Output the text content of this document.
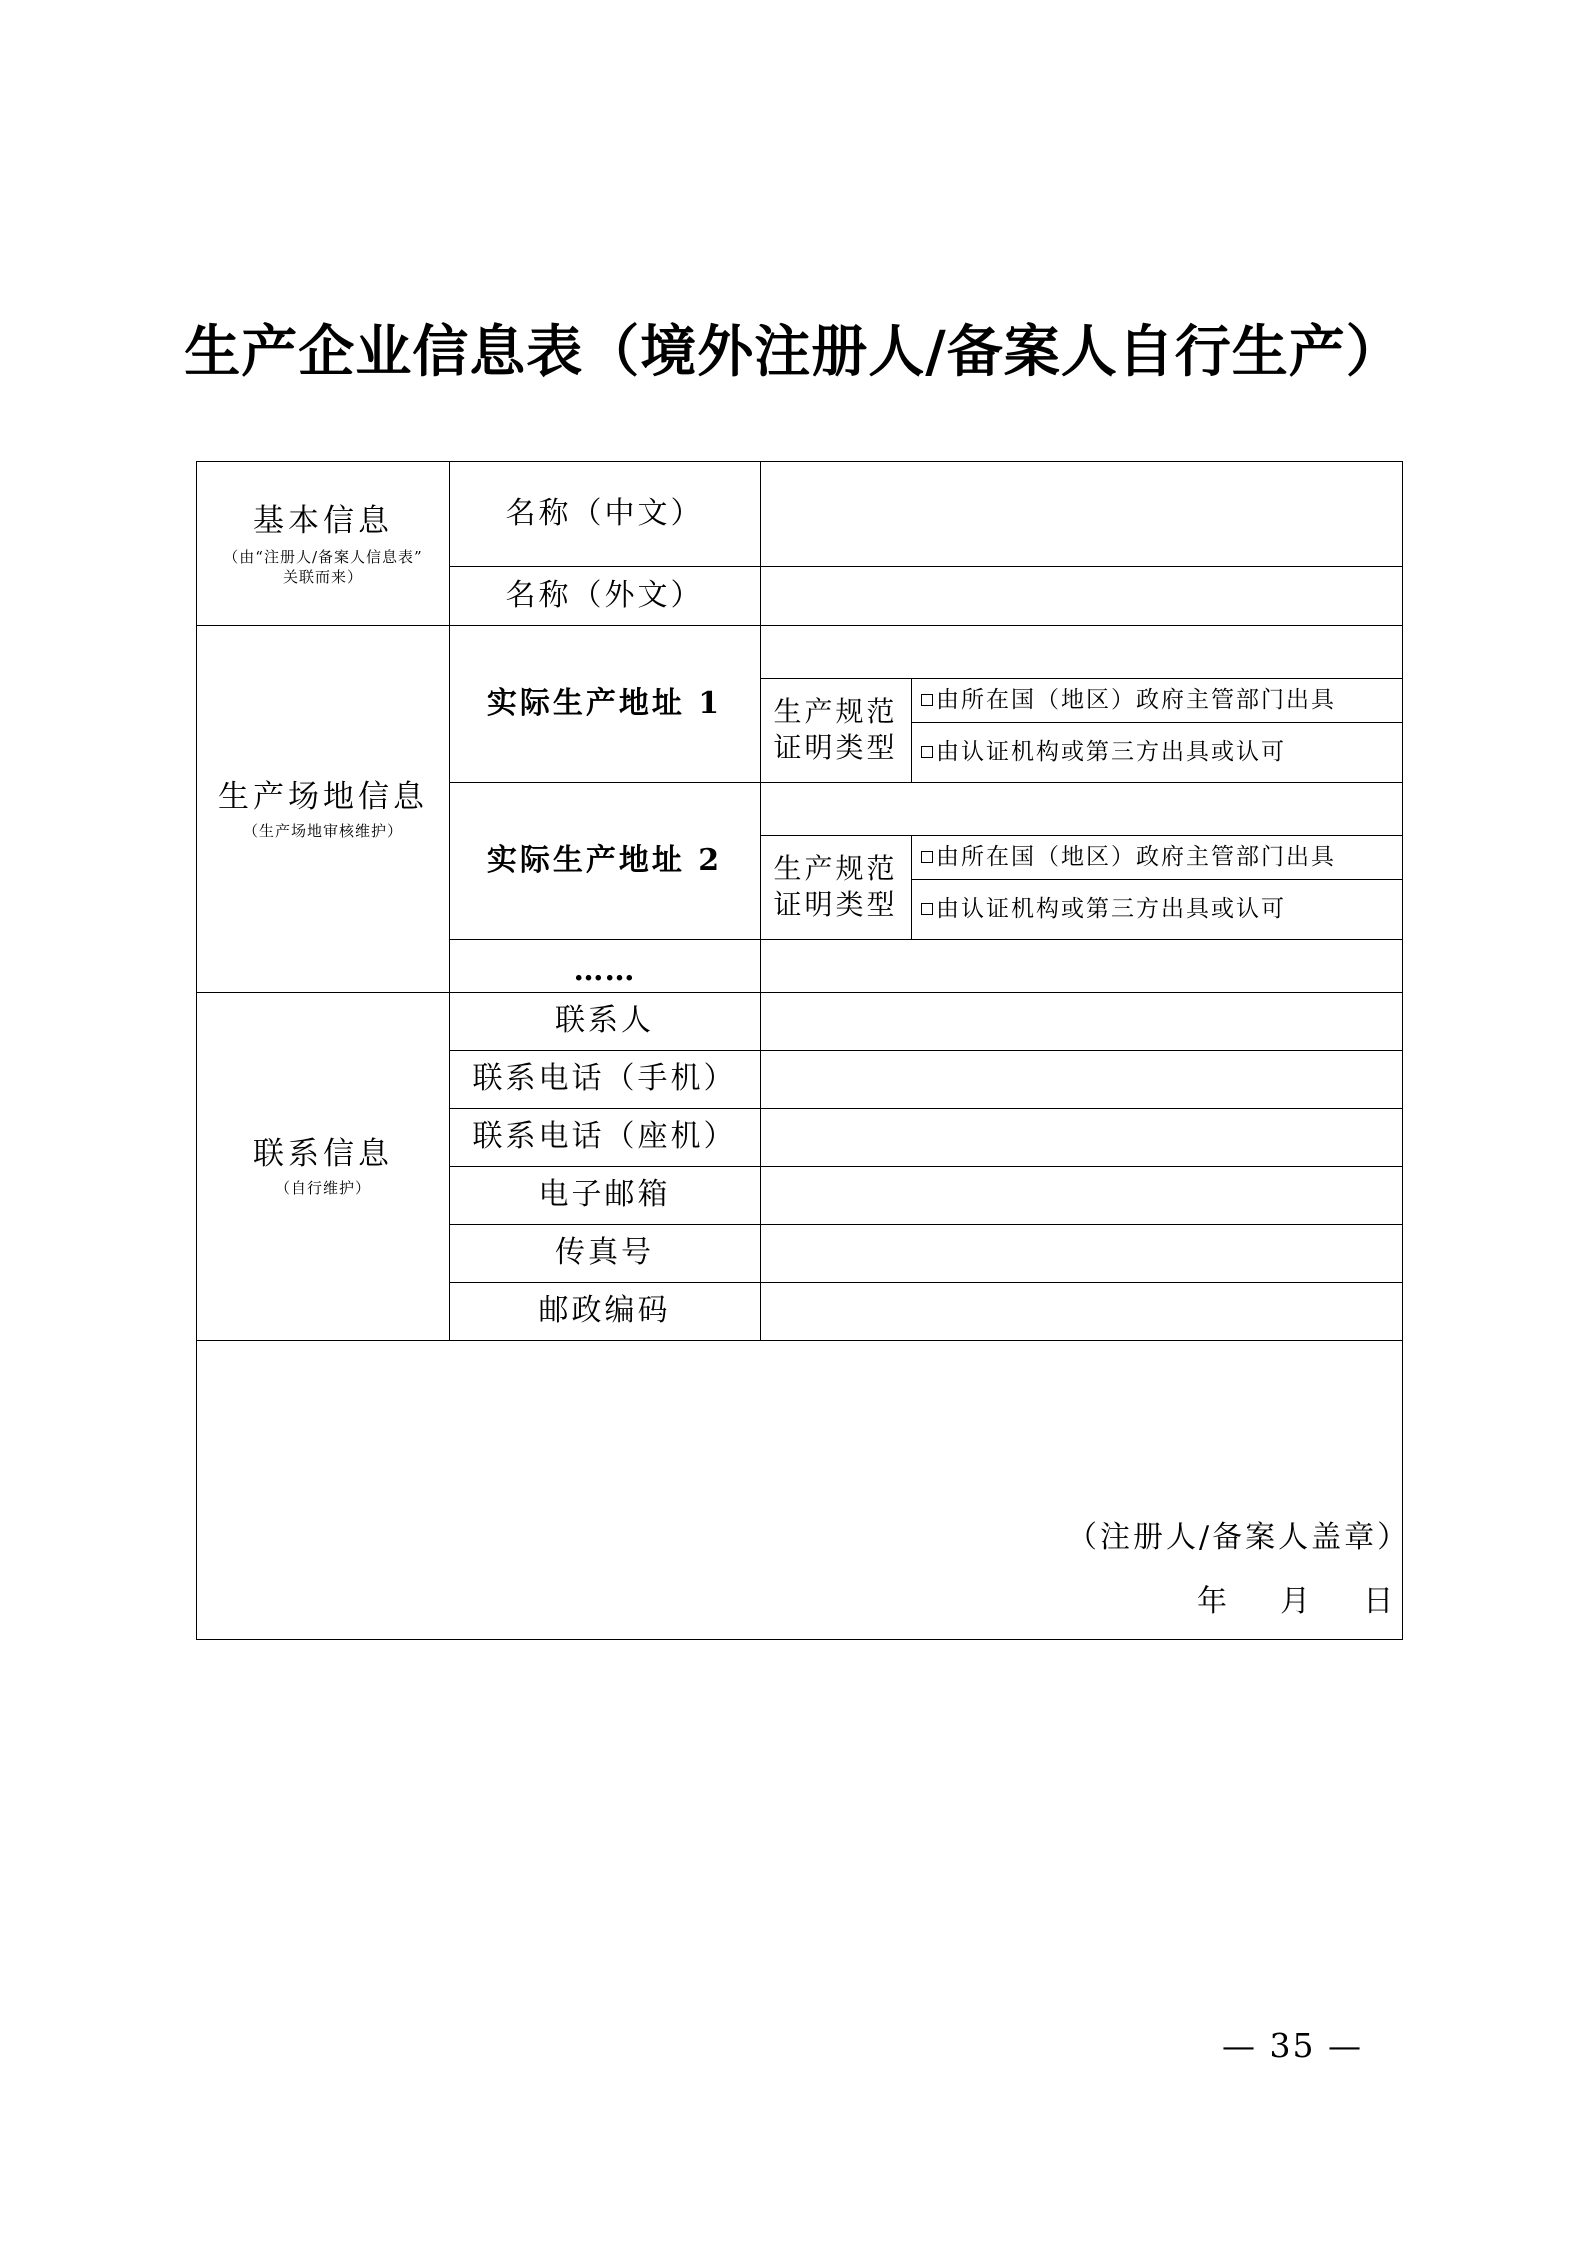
生产企业信息表（境外注册人/备案人自行生产）
基本信息
（由“注册人/备案人信息表”
关联而来）
名称（中文）
名称（外文）
生产场地信息
（生产场地审核维护）
实际生产地址 1 生产规范
证明类型
由所在国（地区）政府主管部门出具
由认证机构或第三方出具或认可
实际生产地址 2 生产规范
证明类型
由所在国（地区）政府主管部门出具
由认证机构或第三方出具或认可
……
联系信息
（自行维护）
联系人
联系电话（手机）
联系电话（座机）
电子邮箱
传真号
邮政编码
（注册人/备案人盖章）
年    月    日
— 35 —
